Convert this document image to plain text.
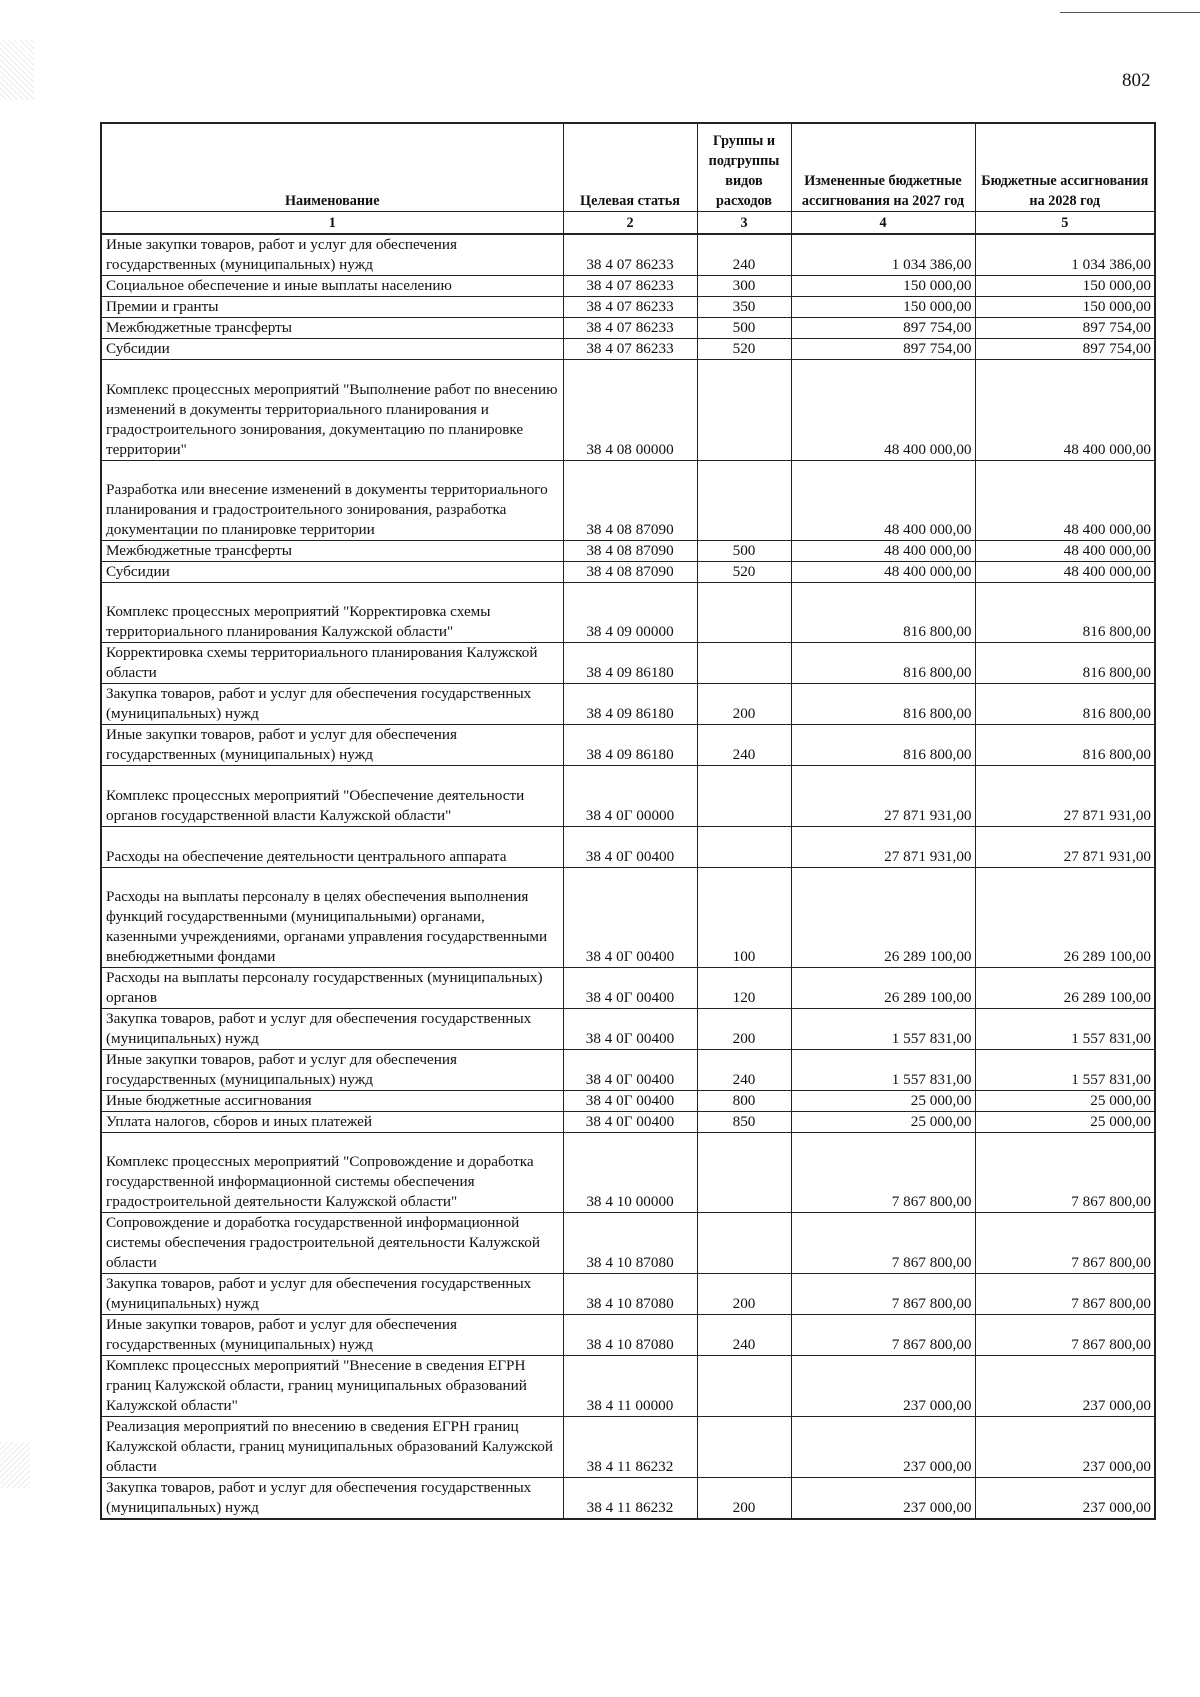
802
Наименование	Целевая статья	Группы и подгруппы видов расходов	Измененные бюджетные ассигнования на 2027 год	Бюджетные ассигнования на 2028 год
1	2	3	4	5
Иные закупки товаров, работ и услуг для обеспечения государственных (муниципальных) нужд	38 4 07 86233	240	1 034 386,00	1 034 386,00
Социальное обеспечение и иные выплаты населению	38 4 07 86233	300	150 000,00	150 000,00
Премии и гранты	38 4 07 86233	350	150 000,00	150 000,00
Межбюджетные трансферты	38 4 07 86233	500	897 754,00	897 754,00
Субсидии	38 4 07 86233	520	897 754,00	897 754,00
Комплекс процессных мероприятий "Выполнение работ по внесению изменений в документы территориального планирования и градостроительного зонирования, документацию по планировке территории"	38 4 08 00000		48 400 000,00	48 400 000,00
Разработка или внесение изменений в документы территориального планирования и градостроительного зонирования, разработка документации по планировке территории	38 4 08 87090		48 400 000,00	48 400 000,00
Межбюджетные трансферты	38 4 08 87090	500	48 400 000,00	48 400 000,00
Субсидии	38 4 08 87090	520	48 400 000,00	48 400 000,00
Комплекс процессных мероприятий "Корректировка схемы территориального планирования Калужской области"	38 4 09 00000		816 800,00	816 800,00
Корректировка схемы территориального планирования Калужской области	38 4 09 86180		816 800,00	816 800,00
Закупка товаров, работ и услуг для обеспечения государственных (муниципальных) нужд	38 4 09 86180	200	816 800,00	816 800,00
Иные закупки товаров, работ и услуг для обеспечения государственных (муниципальных) нужд	38 4 09 86180	240	816 800,00	816 800,00
Комплекс процессных мероприятий "Обеспечение деятельности органов государственной власти Калужской области"	38 4 0Г 00000		27 871 931,00	27 871 931,00
Расходы на обеспечение деятельности центрального аппарата	38 4 0Г 00400		27 871 931,00	27 871 931,00
Расходы на выплаты персоналу в целях обеспечения выполнения функций государственными (муниципальными) органами, казенными учреждениями, органами управления государственными внебюджетными фондами	38 4 0Г 00400	100	26 289 100,00	26 289 100,00
Расходы на выплаты персоналу государственных (муниципальных) органов	38 4 0Г 00400	120	26 289 100,00	26 289 100,00
Закупка товаров, работ и услуг для обеспечения государственных (муниципальных) нужд	38 4 0Г 00400	200	1 557 831,00	1 557 831,00
Иные закупки товаров, работ и услуг для обеспечения государственных (муниципальных) нужд	38 4 0Г 00400	240	1 557 831,00	1 557 831,00
Иные бюджетные ассигнования	38 4 0Г 00400	800	25 000,00	25 000,00
Уплата налогов, сборов и иных платежей	38 4 0Г 00400	850	25 000,00	25 000,00
Комплекс процессных мероприятий "Сопровождение и доработка государственной информационной системы обеспечения градостроительной деятельности Калужской области"	38 4 10 00000		7 867 800,00	7 867 800,00
Сопровождение и доработка государственной информационной системы обеспечения градостроительной деятельности Калужской области	38 4 10 87080		7 867 800,00	7 867 800,00
Закупка товаров, работ и услуг для обеспечения государственных (муниципальных) нужд	38 4 10 87080	200	7 867 800,00	7 867 800,00
Иные закупки товаров, работ и услуг для обеспечения государственных (муниципальных) нужд	38 4 10 87080	240	7 867 800,00	7 867 800,00
Комплекс процессных мероприятий "Внесение в сведения ЕГРН границ Калужской области, границ муниципальных образований Калужской области"	38 4 11 00000		237 000,00	237 000,00
Реализация мероприятий по внесению в сведения ЕГРН границ Калужской области, границ муниципальных образований Калужской области	38 4 11 86232		237 000,00	237 000,00
Закупка товаров, работ и услуг для обеспечения государственных (муниципальных) нужд	38 4 11 86232	200	237 000,00	237 000,00
